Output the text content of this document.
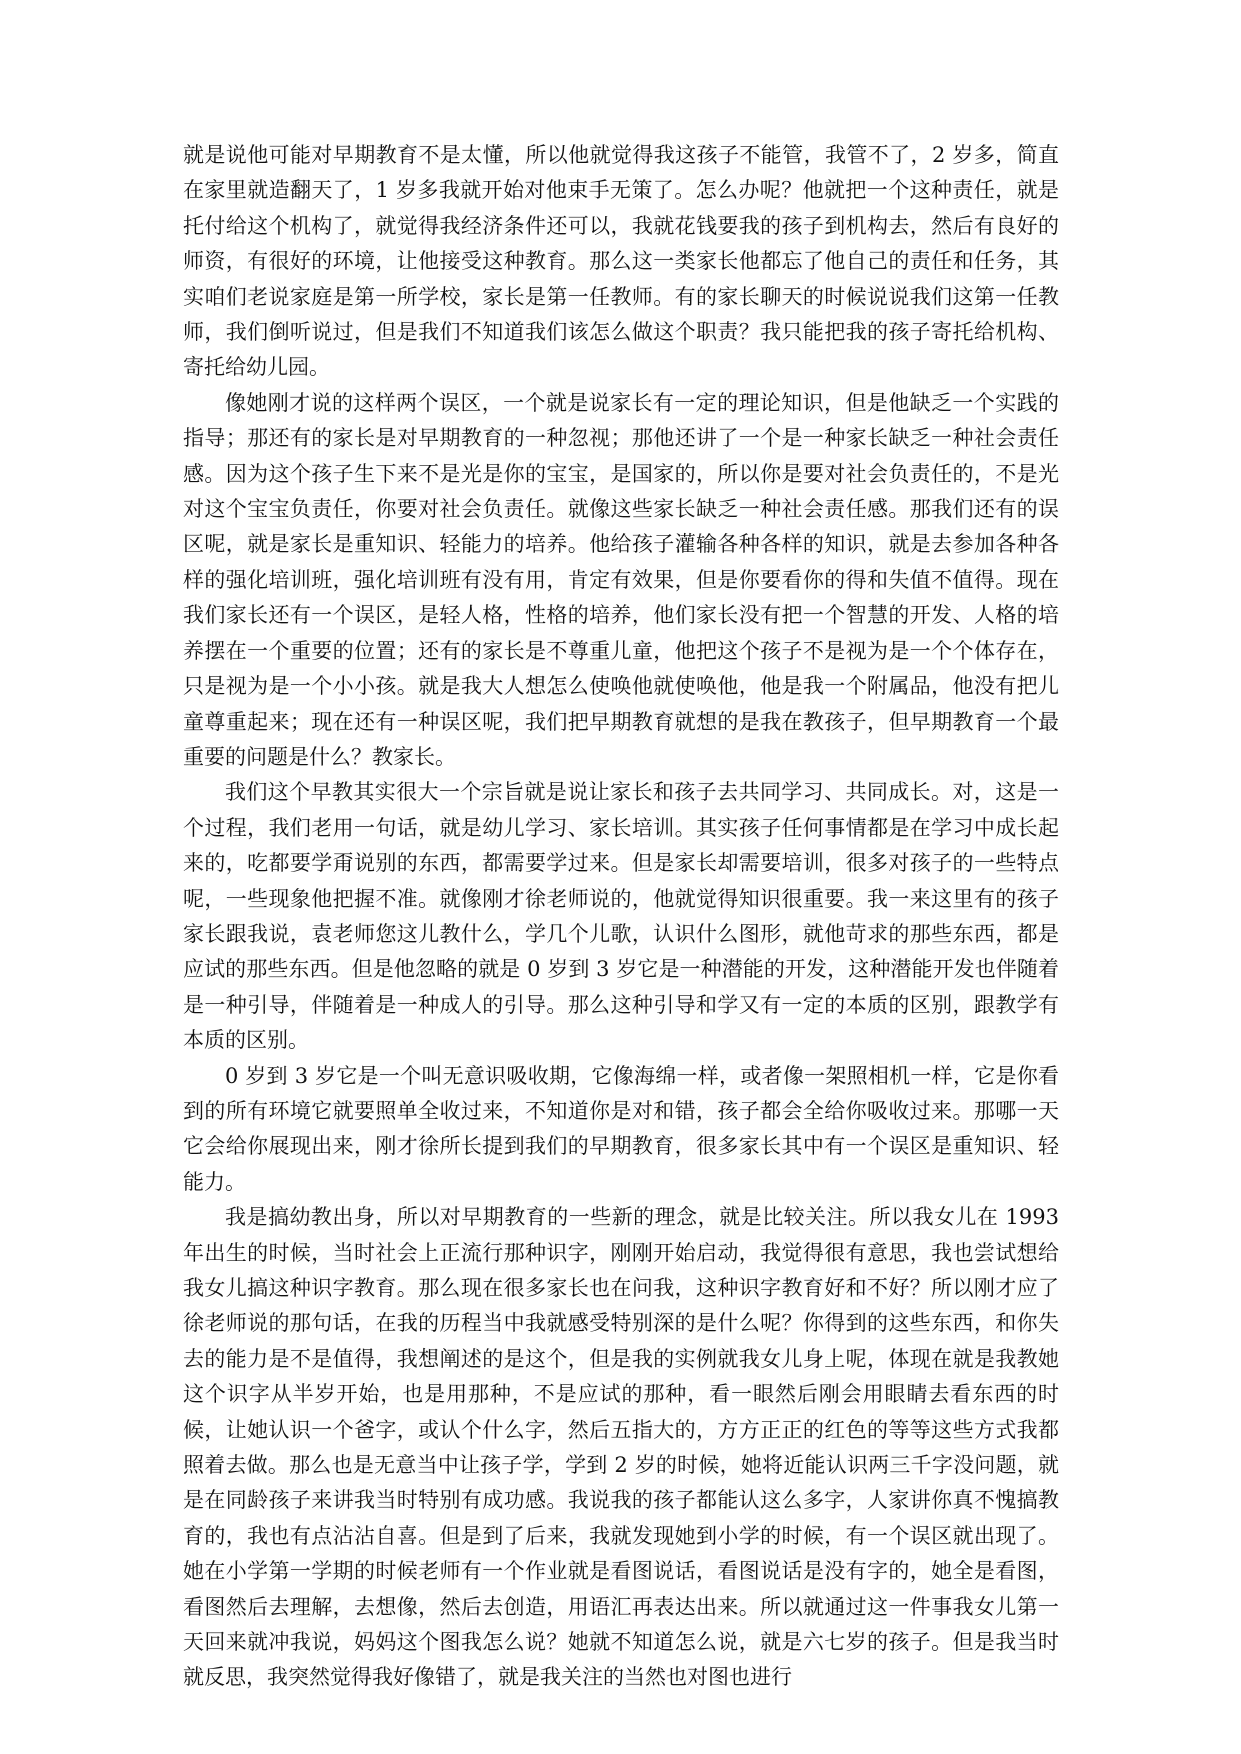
就是说他可能对早期教育不是太懂，所以他就觉得我这孩子不能管，我管不了，2 岁多，简直在家里就造翻天了，1 岁多我就开始对他束手无策了。怎么办呢？他就把一个这种责任，就是托付给这个机构了，就觉得我经济条件还可以，我就花钱要我的孩子到机构去，然后有良好的师资，有很好的环境，让他接受这种教育。那么这一类家长他都忘了他自己的责任和任务，其实咱们老说家庭是第一所学校，家长是第一任教师。有的家长聊天的时候说说我们这第一任教师，我们倒听说过，但是我们不知道我们该怎么做这个职责？我只能把我的孩子寄托给机构、寄托给幼儿园。

像她刚才说的这样两个误区，一个就是说家长有一定的理论知识，但是他缺乏一个实践的指导；那还有的家长是对早期教育的一种忽视；那他还讲了一个是一种家长缺乏一种社会责任感。因为这个孩子生下来不是光是你的宝宝，是国家的，所以你是要对社会负责任的，不是光对这个宝宝负责任，你要对社会负责任。就像这些家长缺乏一种社会责任感。那我们还有的误区呢，就是家长是重知识、轻能力的培养。他给孩子灌输各种各样的知识，就是去参加各种各样的强化培训班，强化培训班有没有用，肯定有效果，但是你要看你的得和失值不值得。现在我们家长还有一个误区，是轻人格，性格的培养，他们家长没有把一个智慧的开发、人格的培养摆在一个重要的位置；还有的家长是不尊重儿童，他把这个孩子不是视为是一个个体存在，只是视为是一个小小孩。就是我大人想怎么使唤他就使唤他，他是我一个附属品，他没有把儿童尊重起来；现在还有一种误区呢，我们把早期教育就想的是我在教孩子，但早期教育一个最重要的问题是什么？教家长。

我们这个早教其实很大一个宗旨就是说让家长和孩子去共同学习、共同成长。对，这是一个过程，我们老用一句话，就是幼儿学习、家长培训。其实孩子任何事情都是在学习中成长起来的，吃都要学甭说别的东西，都需要学过来。但是家长却需要培训，很多对孩子的一些特点呢，一些现象他把握不准。就像刚才徐老师说的，他就觉得知识很重要。我一来这里有的孩子家长跟我说，袁老师您这儿教什么，学几个儿歌，认识什么图形，就他苛求的那些东西，都是应试的那些东西。但是他忽略的就是 0 岁到 3 岁它是一种潜能的开发，这种潜能开发也伴随着是一种引导，伴随着是一种成人的引导。那么这种引导和学又有一定的本质的区别，跟教学有本质的区别。

0 岁到 3 岁它是一个叫无意识吸收期，它像海绵一样，或者像一架照相机一样，它是你看到的所有环境它就要照单全收过来，不知道你是对和错，孩子都会全给你吸收过来。那哪一天它会给你展现出来，刚才徐所长提到我们的早期教育，很多家长其中有一个误区是重知识、轻能力。

我是搞幼教出身，所以对早期教育的一些新的理念，就是比较关注。所以我女儿在 1993 年出生的时候，当时社会上正流行那种识字，刚刚开始启动，我觉得很有意思，我也尝试想给我女儿搞这种识字教育。那么现在很多家长也在问我，这种识字教育好和不好？所以刚才应了徐老师说的那句话，在我的历程当中我就感受特别深的是什么呢？你得到的这些东西，和你失去的能力是不是值得，我想阐述的是这个，但是我的实例就我女儿身上呢，体现在就是我教她这个识字从半岁开始，也是用那种，不是应试的那种，看一眼然后刚会用眼睛去看东西的时候，让她认识一个爸字，或认个什么字，然后五指大的，方方正正的红色的等等这些方式我都照着去做。那么也是无意当中让孩子学，学到 2 岁的时候，她将近能认识两三千字没问题，就是在同龄孩子来讲我当时特别有成功感。我说我的孩子都能认这么多字，人家讲你真不愧搞教育的，我也有点沾沾自喜。但是到了后来，我就发现她到小学的时候，有一个误区就出现了。她在小学第一学期的时候老师有一个作业就是看图说话，看图说话是没有字的，她全是看图，看图然后去理解，去想像，然后去创造，用语汇再表达出来。所以就通过这一件事我女儿第一天回来就冲我说，妈妈这个图我怎么说？她就不知道怎么说，就是六七岁的孩子。但是我当时就反思，我突然觉得我好像错了，就是我关注的当然也对图也进行
